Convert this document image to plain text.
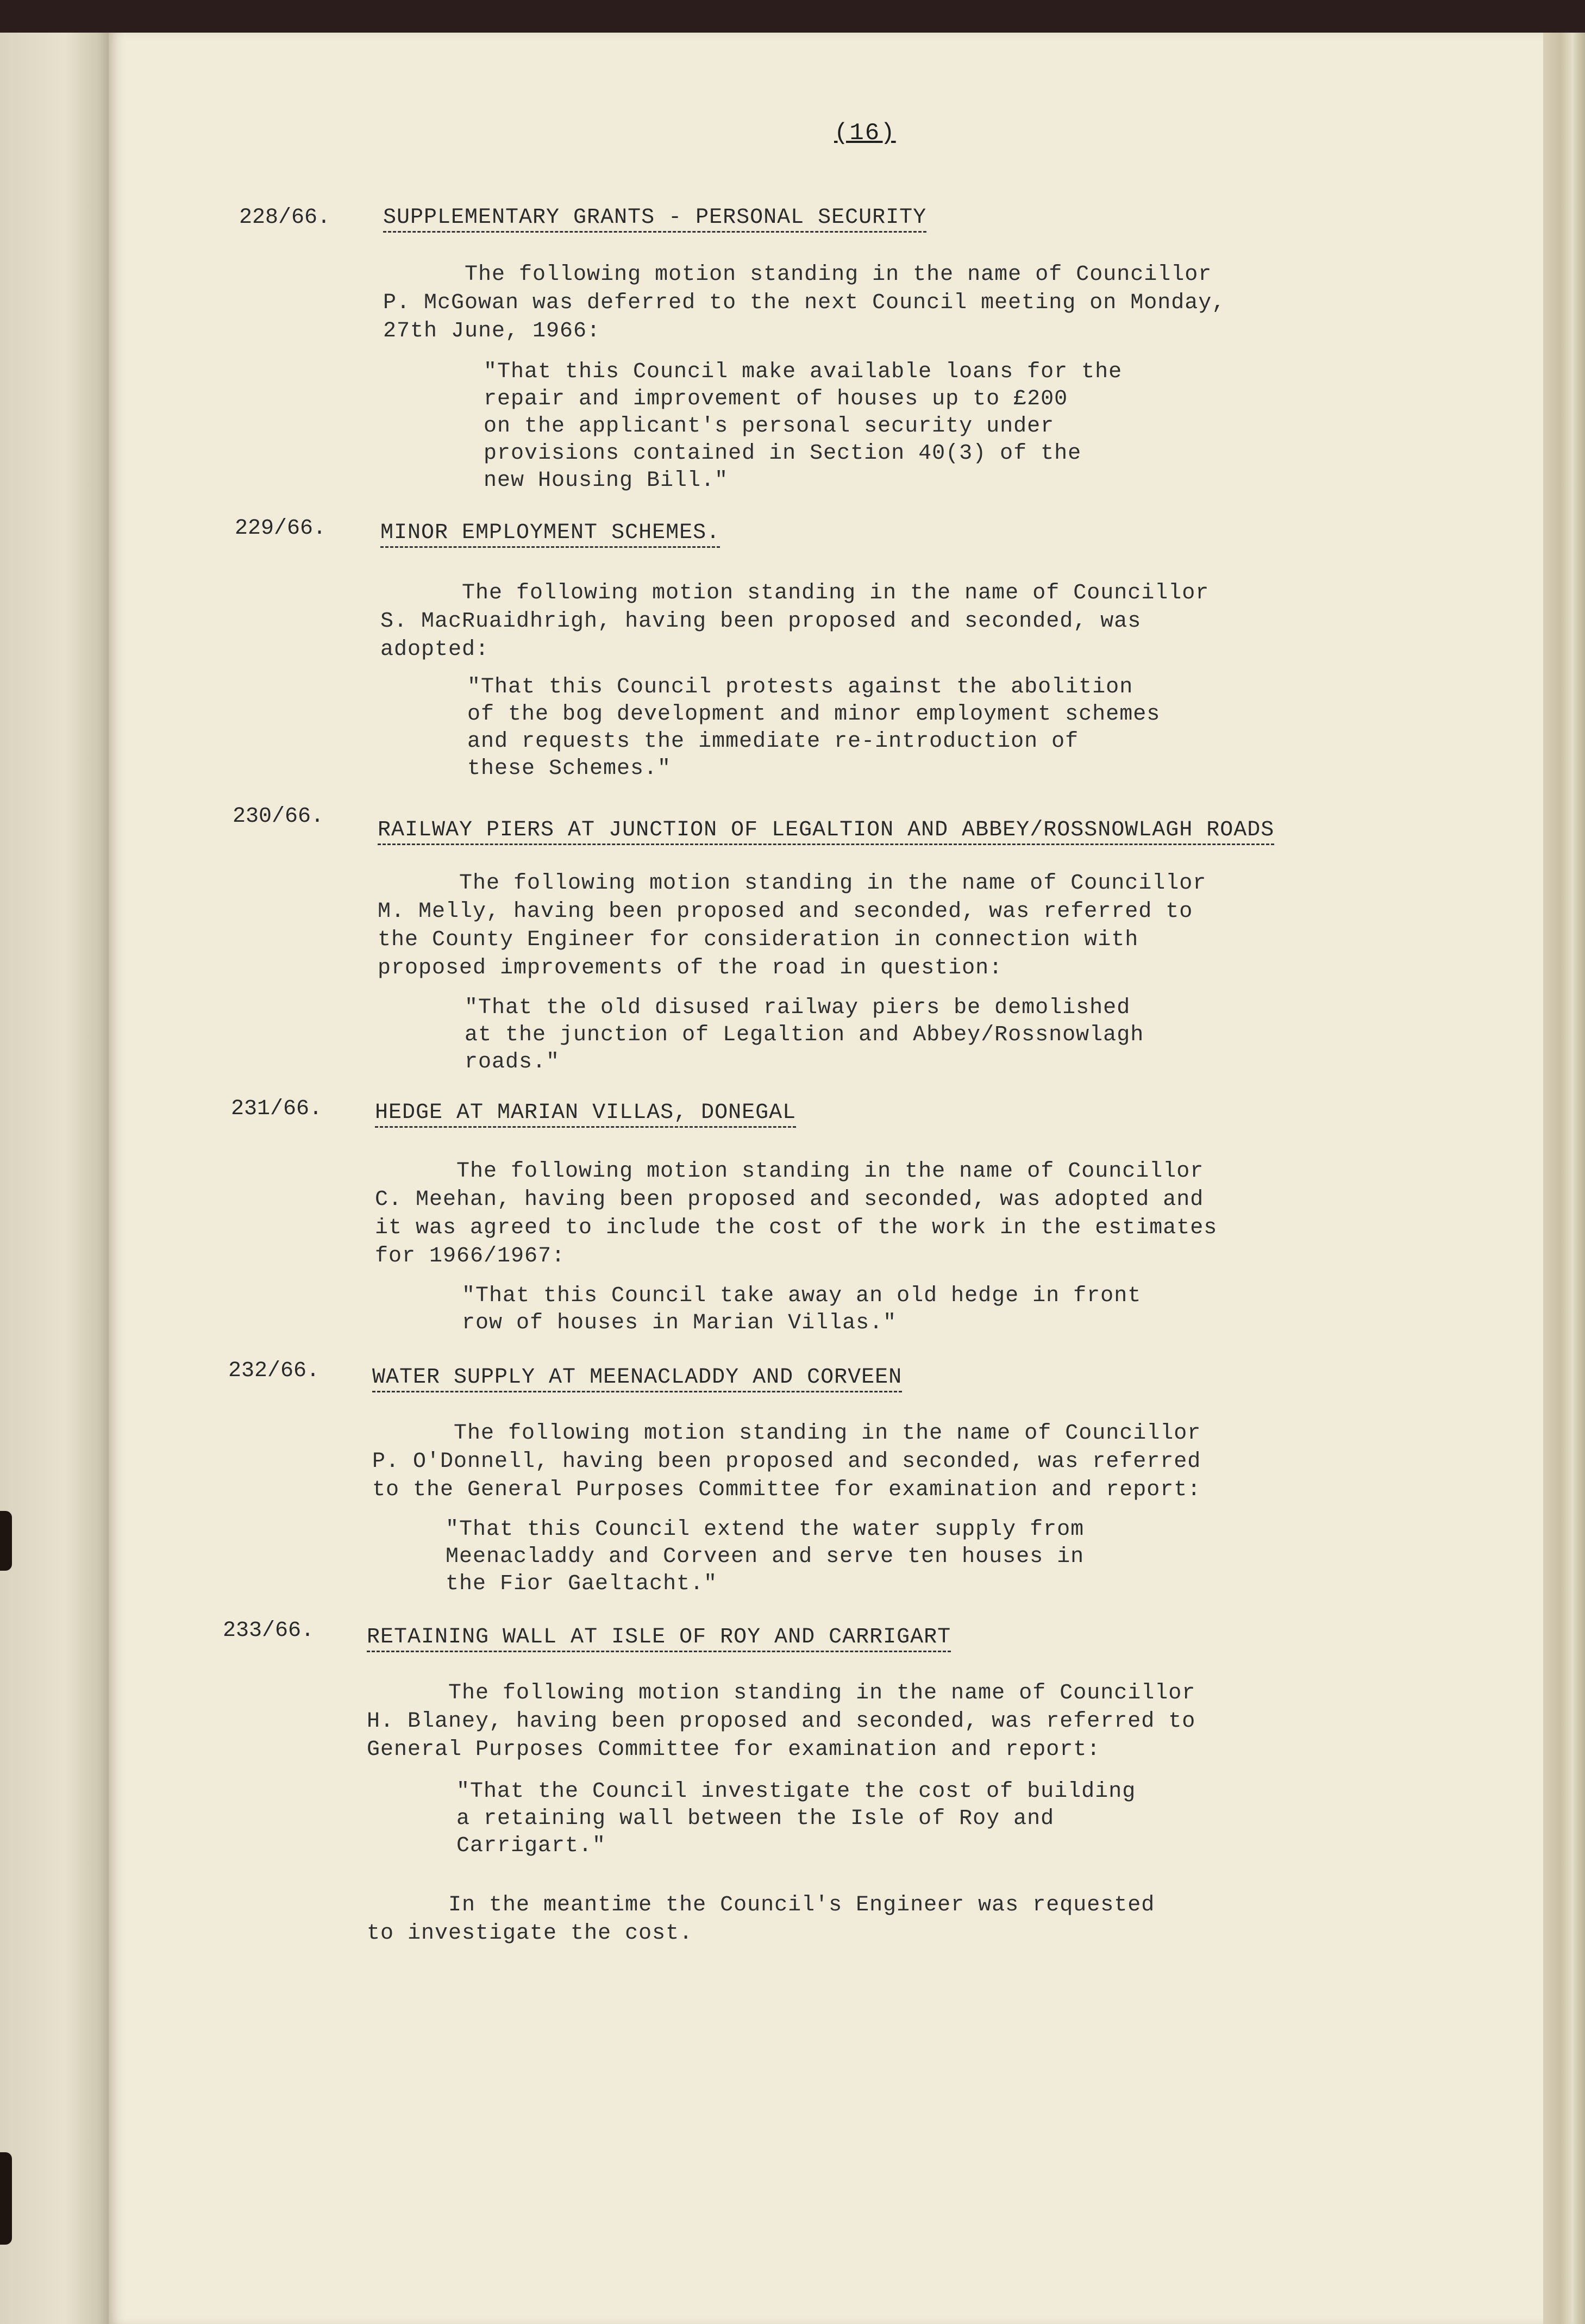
(16)
228/66. SUPPLEMENTARY GRANTS - PERSONAL SECURITY
The following motion standing in the name of Councillor
P. McGowan was deferred to the next Council meeting on Monday,
27th June, 1966:
"That this Council make available loans for the
repair and improvement of houses up to £200
on the applicant's personal security under
provisions contained in Section 40(3) of the
new Housing Bill."
229/66. MINOR EMPLOYMENT SCHEMES.
The following motion standing in the name of Councillor
S. MacRuaidhrigh, having been proposed and seconded, was
adopted:
"That this Council protests against the abolition
of the bog development and minor employment schemes
and requests the immediate re-introduction of
these Schemes."
230/66.
RAILWAY PIERS AT JUNCTION OF LEGALTION AND ABBEY/ROSSNOWLAGH ROADS
The following motion standing in the name of Councillor
M. Melly, having been proposed and seconded, was referred to
the County Engineer for consideration in connection with
proposed improvements of the road in question:
"That the old disused railway piers be demolished
at the junction of Legaltion and Abbey/Rossnowlagh
roads."
231/66. HEDGE AT MARIAN VILLAS, DONEGAL
The following motion standing in the name of Councillor
C. Meehan, having been proposed and seconded, was adopted and
it was agreed to include the cost of the work in the estimates
for 1966/1967:
"That this Council take away an old hedge in front
row of houses in Marian Villas."
232/66. WATER SUPPLY AT MEENACLADDY AND CORVEEN
The following motion standing in the name of Councillor
P. O'Donnell, having been proposed and seconded, was referred
to the General Purposes Committee for examination and report:
"That this Council extend the water supply from
Meenacladdy and Corveen and serve ten houses in
the Fior Gaeltacht."
233/66. RETAINING WALL AT ISLE OF ROY AND CARRIGART
The following motion standing in the name of Councillor
H. Blaney, having been proposed and seconded, was referred to
General Purposes Committee for examination and report:
"That the Council investigate the cost of building
a retaining wall between the Isle of Roy and
Carrigart."
In the meantime the Council's Engineer was requested
to investigate the cost.
